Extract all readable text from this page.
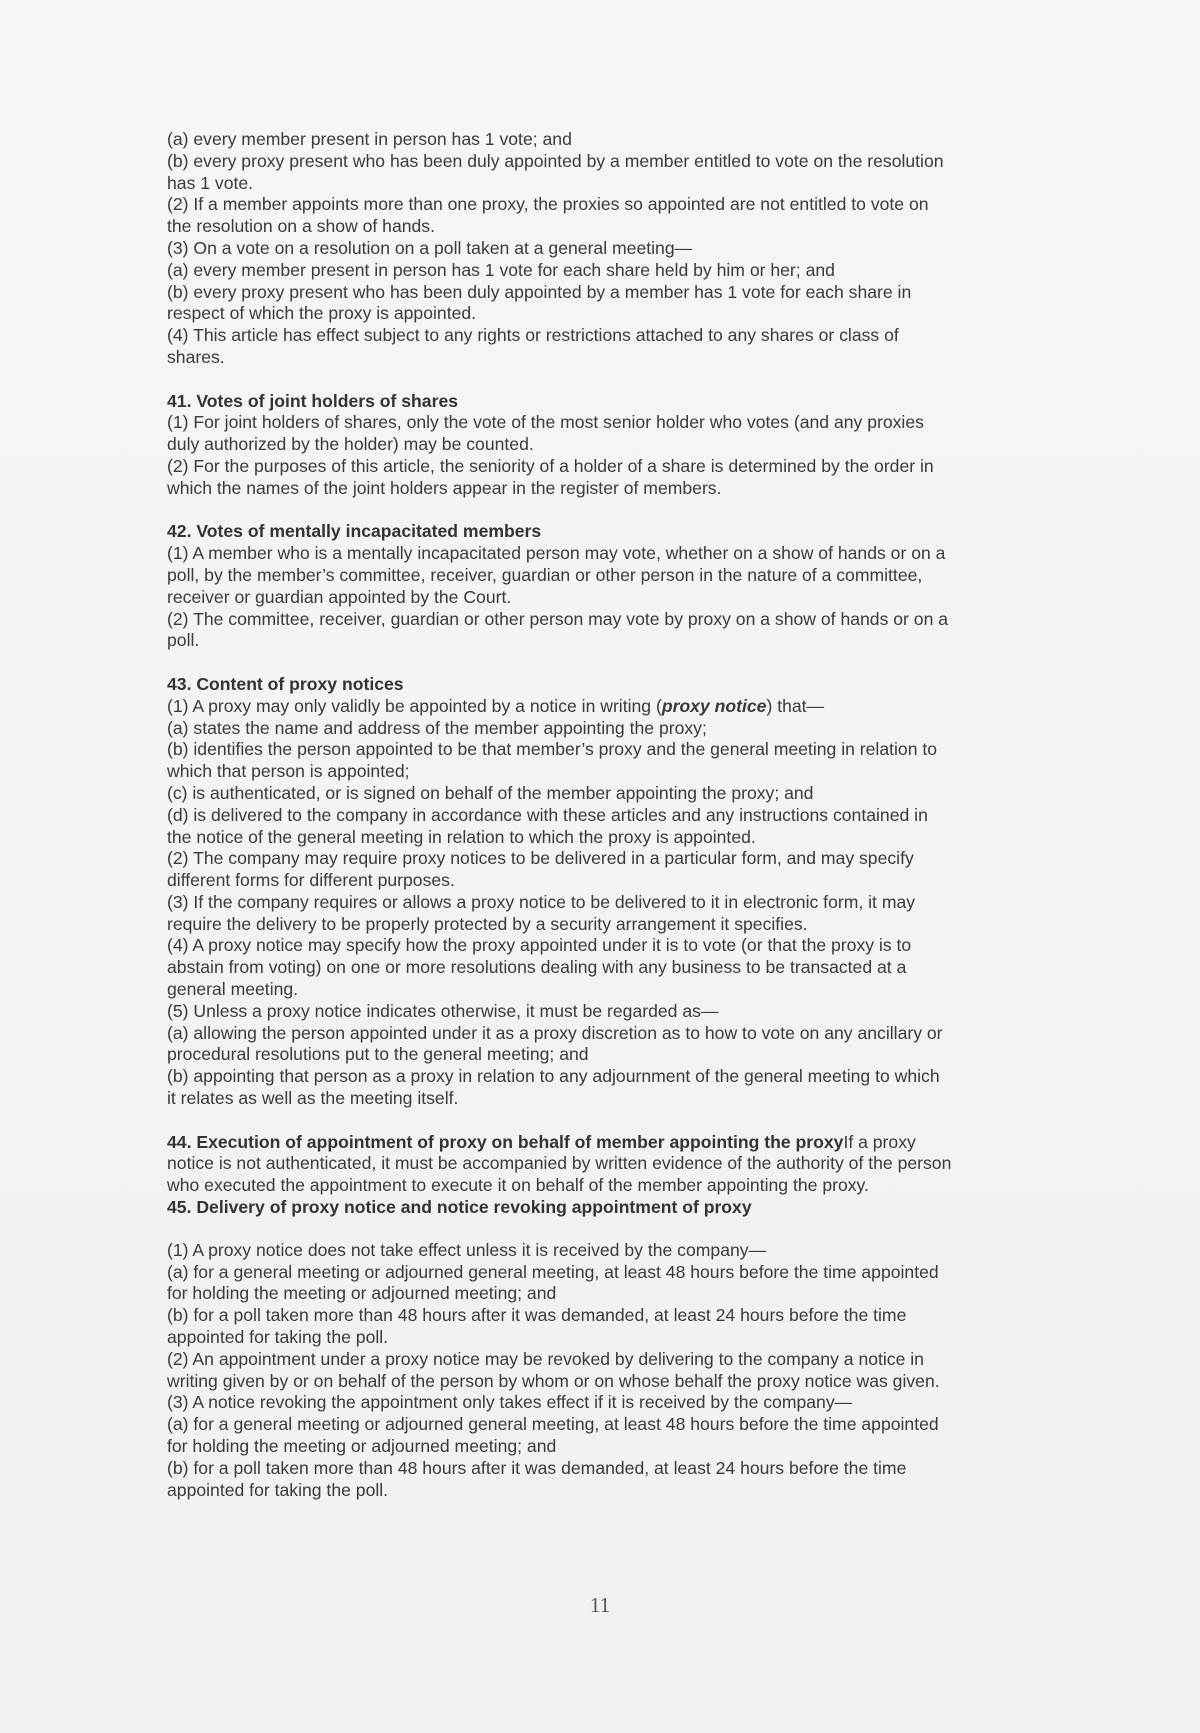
(a) every member present in person has 1 vote; and
(b) every proxy present who has been duly appointed by a member entitled to vote on the resolution
has 1 vote.
(2) If a member appoints more than one proxy, the proxies so appointed are not entitled to vote on
the resolution on a show of hands.
(3) On a vote on a resolution on a poll taken at a general meeting—
(a) every member present in person has 1 vote for each share held by him or her; and
(b) every proxy present who has been duly appointed by a member has 1 vote for each share in
respect of which the proxy is appointed.
(4) This article has effect subject to any rights or restrictions attached to any shares or class of
shares.
41. Votes of joint holders of shares
(1) For joint holders of shares, only the vote of the most senior holder who votes (and any proxies
duly authorized by the holder) may be counted.
(2) For the purposes of this article, the seniority of a holder of a share is determined by the order in
which the names of the joint holders appear in the register of members.
42. Votes of mentally incapacitated members
(1) A member who is a mentally incapacitated person may vote, whether on a show of hands or on a
poll, by the member’s committee, receiver, guardian or other person in the nature of a committee,
receiver or guardian appointed by the Court.
(2) The committee, receiver, guardian or other person may vote by proxy on a show of hands or on a
poll.
43. Content of proxy notices
(1) A proxy may only validly be appointed by a notice in writing (proxy notice) that—
(a) states the name and address of the member appointing the proxy;
(b) identifies the person appointed to be that member’s proxy and the general meeting in relation to
which that person is appointed;
(c) is authenticated, or is signed on behalf of the member appointing the proxy; and
(d) is delivered to the company in accordance with these articles and any instructions contained in
the notice of the general meeting in relation to which the proxy is appointed.
(2) The company may require proxy notices to be delivered in a particular form, and may specify
different forms for different purposes.
(3) If the company requires or allows a proxy notice to be delivered to it in electronic form, it may
require the delivery to be properly protected by a security arrangement it specifies.
(4) A proxy notice may specify how the proxy appointed under it is to vote (or that the proxy is to
abstain from voting) on one or more resolutions dealing with any business to be transacted at a
general meeting.
(5) Unless a proxy notice indicates otherwise, it must be regarded as—
(a) allowing the person appointed under it as a proxy discretion as to how to vote on any ancillary or
procedural resolutions put to the general meeting; and
(b) appointing that person as a proxy in relation to any adjournment of the general meeting to which
it relates as well as the meeting itself.
44. Execution of appointment of proxy on behalf of member appointing the proxyIf a proxy
notice is not authenticated, it must be accompanied by written evidence of the authority of the person
who executed the appointment to execute it on behalf of the member appointing the proxy.
45. Delivery of proxy notice and notice revoking appointment of proxy
(1) A proxy notice does not take effect unless it is received by the company—
(a) for a general meeting or adjourned general meeting, at least 48 hours before the time appointed
for holding the meeting or adjourned meeting; and
(b) for a poll taken more than 48 hours after it was demanded, at least 24 hours before the time
appointed for taking the poll.
(2) An appointment under a proxy notice may be revoked by delivering to the company a notice in
writing given by or on behalf of the person by whom or on whose behalf the proxy notice was given.
(3) A notice revoking the appointment only takes effect if it is received by the company—
(a) for a general meeting or adjourned general meeting, at least 48 hours before the time appointed
for holding the meeting or adjourned meeting; and
(b) for a poll taken more than 48 hours after it was demanded, at least 24 hours before the time
appointed for taking the poll.
11
